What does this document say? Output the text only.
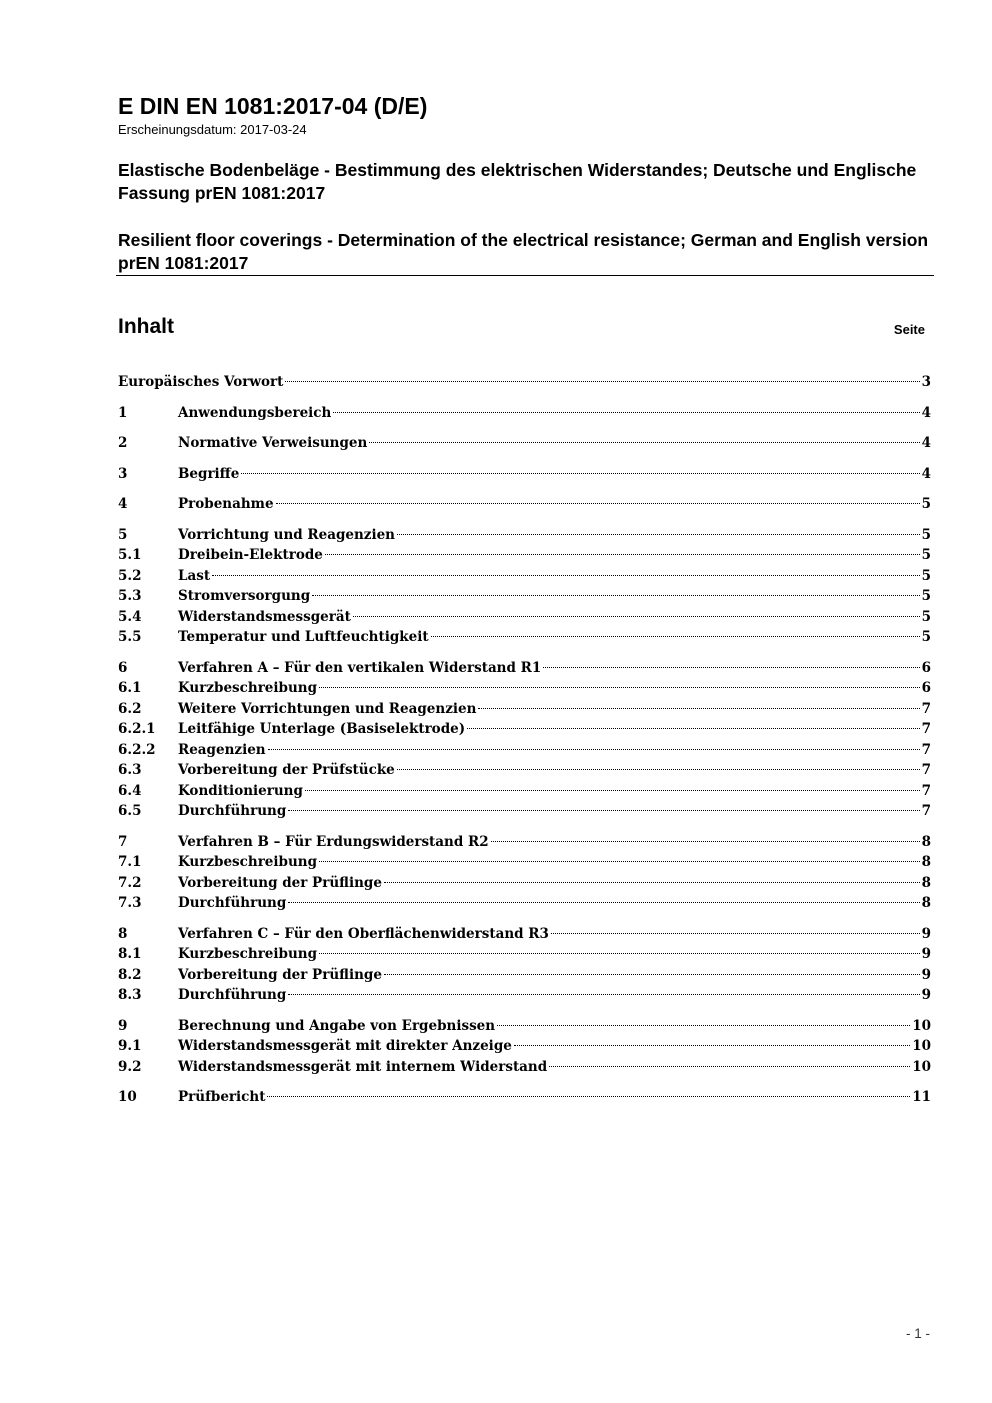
E DIN EN 1081:2017-04 (D/E)
Erscheinungsdatum: 2017-03-24

Elastische Bodenbeläge - Bestimmung des elektrischen Widerstandes; Deutsche und Englische Fassung prEN 1081:2017

Resilient floor coverings - Determination of the electrical resistance; German and English version prEN 1081:2017

Inhalt	Seite
Europäisches Vorwort	3
1	Anwendungsbereich	4
2	Normative Verweisungen	4
3	Begriffe	4
4	Probenahme	5
5	Vorrichtung und Reagenzien	5
5.1	Dreibein-Elektrode	5
5.2	Last	5
5.3	Stromversorgung	5
5.4	Widerstandsmessgerät	5
5.5	Temperatur und Luftfeuchtigkeit	5
6	Verfahren A – Für den vertikalen Widerstand R1	6
6.1	Kurzbeschreibung	6
6.2	Weitere Vorrichtungen und Reagenzien	7
6.2.1	Leitfähige Unterlage (Basiselektrode)	7
6.2.2	Reagenzien	7
6.3	Vorbereitung der Prüfstücke	7
6.4	Konditionierung	7
6.5	Durchführung	7
7	Verfahren B – Für Erdungswiderstand R2	8
7.1	Kurzbeschreibung	8
7.2	Vorbereitung der Prüflinge	8
7.3	Durchführung	8
8	Verfahren C – Für den Oberflächenwiderstand R3	9
8.1	Kurzbeschreibung	9
8.2	Vorbereitung der Prüflinge	9
8.3	Durchführung	9
9	Berechnung und Angabe von Ergebnissen	10
9.1	Widerstandsmessgerät mit direkter Anzeige	10
9.2	Widerstandsmessgerät mit internem Widerstand	10
10	Prüfbericht	11
- 1 -
